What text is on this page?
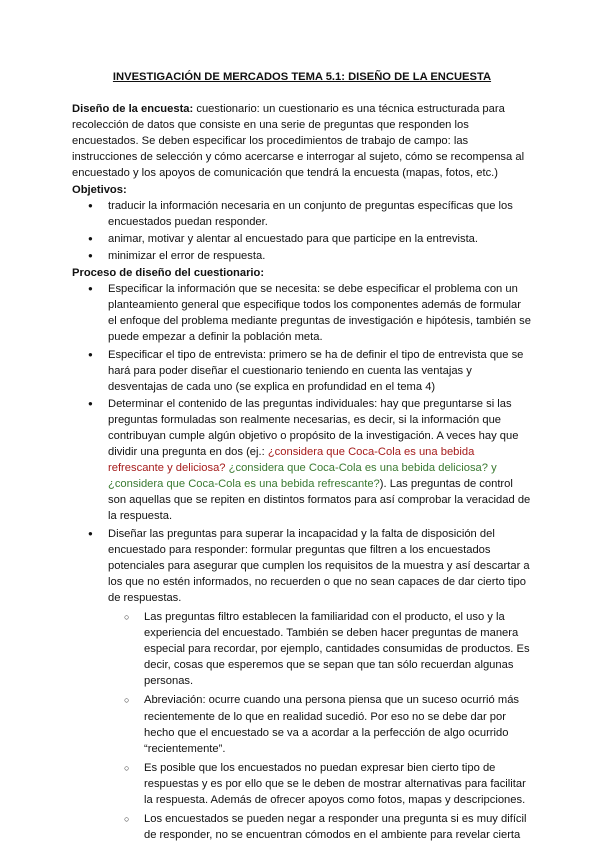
INVESTIGACIÓN DE MERCADOS TEMA 5.1: DISEÑO DE LA ENCUESTA

Diseño de la encuesta: cuestionario: un cuestionario es una técnica estructurada para recolección de datos que consiste en una serie de preguntas que responden los encuestados. Se deben especificar los procedimientos de trabajo de campo: las instrucciones de selección y cómo acercarse e interrogar al sujeto, cómo se recompensa al encuestado y los apoyos de comunicación que tendrá la encuesta (mapas, fotos, etc.)

Objetivos:

● traducir la información necesaria en un conjunto de preguntas específicas que los encuestados puedan responder.
● animar, motivar y alentar al encuestado para que participe en la entrevista.
● minimizar el error de respuesta.

Proceso de diseño del cuestionario:

● Especificar la información que se necesita: se debe especificar el problema con un planteamiento general que especifique todos los componentes además de formular el enfoque del problema mediante preguntas de investigación e hipótesis, también se puede empezar a definir la población meta.
● Especificar el tipo de entrevista: primero se ha de definir el tipo de entrevista que se hará para poder diseñar el cuestionario teniendo en cuenta las ventajas y desventajas de cada uno (se explica en profundidad en el tema 4)
● Determinar el contenido de las preguntas individuales: hay que preguntarse si las preguntas formuladas son realmente necesarias, es decir, si la información que contribuyan cumple algún objetivo o propósito de la investigación. A veces hay que dividir una pregunta en dos (ej.: ¿considera que Coca-Cola es una bebida refrescante y deliciosa? ¿considera que Coca-Cola es una bebida deliciosa? y ¿considera que Coca-Cola es una bebida refrescante?). Las preguntas de control son aquellas que se repiten en distintos formatos para así comprobar la veracidad de la respuesta.
● Diseñar las preguntas para superar la incapacidad y la falta de disposición del encuestado para responder: formular preguntas que filtren a los encuestados potenciales para asegurar que cumplen los requisitos de la muestra y así descartar a los que no estén informados, no recuerden o que no sean capaces de dar cierto tipo de respuestas.
○ Las preguntas filtro establecen la familiaridad con el producto, el uso y la experiencia del encuestado. También se deben hacer preguntas de manera especial para recordar, por ejemplo, cantidades consumidas de productos. Es decir, cosas que esperemos que se sepan que tan sólo recuerdan algunas personas.
○ Abreviación: ocurre cuando una persona piensa que un suceso ocurrió más recientemente de lo que en realidad sucedió. Por eso no se debe dar por hecho que el encuestado se va a acordar a la perfección de algo ocurrido “recientemente”.
○ Es posible que los encuestados no puedan expresar bien cierto tipo de respuestas y es por ello que se le deben de mostrar alternativas para facilitar la respuesta. Además de ofrecer apoyos como fotos, mapas y descripciones.
○ Los encuestados se pueden negar a responder una pregunta si es muy difícil de responder, no se encuentran cómodos en el ambiente para revelar cierta
